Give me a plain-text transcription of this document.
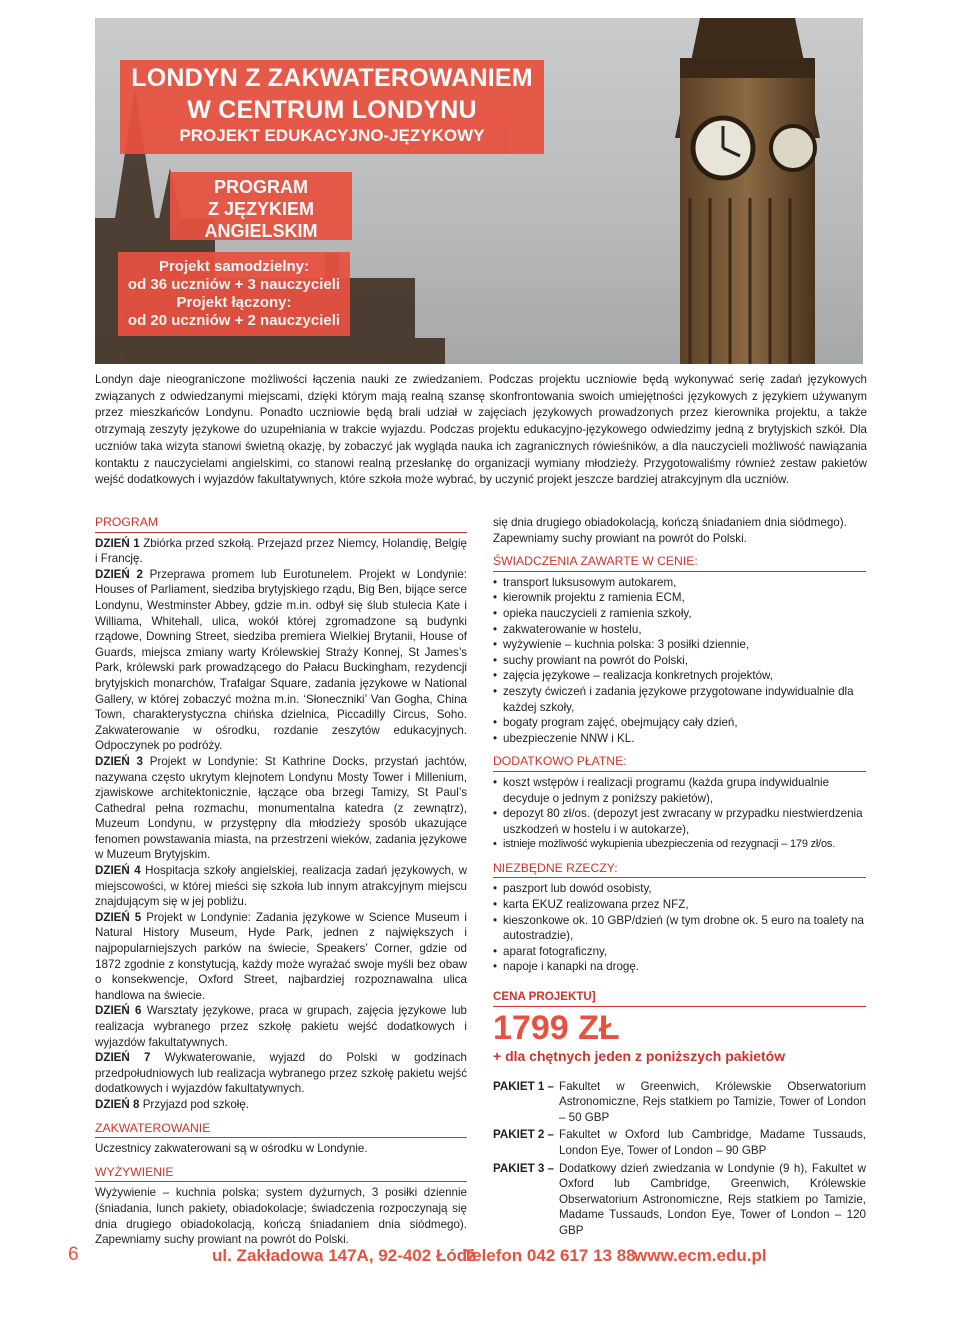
LONDYN Z ZAKWATEROWANIEM
W CENTRUM LONDYNU
PROJEKT EDUKACYJNO-JĘZYKOWY
PROGRAM
Z JĘZYKIEM ANGIELSKIM
Projekt samodzielny:
od 36 uczniów + 3 nauczycieli
Projekt łączony:
od 20 uczniów + 2 nauczycieli
Londyn daje nieograniczone możliwości łączenia nauki ze zwiedzaniem. Podczas projektu uczniowie będą wykonywać serię zadań językowych związanych z odwiedzanymi miejscami, dzięki którym mają realną szansę skonfrontowania swoich umiejętności językowych z językiem używanym przez mieszkańców Londynu. Ponadto uczniowie będą brali udział w zajęciach językowych prowadzonych przez kierownika projektu, a także otrzymają zeszyty językowe do uzupełniania w trakcie wyjazdu. Podczas projektu edukacyjno-językowego odwiedzimy jedną z brytyjskich szkół. Dla uczniów taka wizyta stanowi świetną okazję, by zobaczyć jak wygląda nauka ich zagranicznych rówieśników, a dla nauczycieli możliwość nawiązania kontaktu z nauczycielami angielskimi, co stanowi realną przesłankę do organizacji wymiany młodzieży. Przygotowaliśmy również zestaw pakietów wejść dodatkowych i wyjazdów fakultatywnych, które szkoła może wybrać, by uczynić projekt jeszcze bardziej atrakcyjnym dla uczniów.
PROGRAM

DZIEŃ 1 Zbiórka przed szkołą. Przejazd przez Niemcy, Holandię, Belgię i Francję.

DZIEŃ 2 Przeprawa promem lub Eurotunelem. Projekt w Londynie: Houses of Parliament, siedziba brytyjskiego rządu, Big Ben, bijące serce Londynu, Westminster Abbey, gdzie m.in. odbył się ślub stulecia Kate i Williama, Whitehall, ulica, wokół której zgromadzone są budynki rządowe, Downing Street, siedziba premiera Wielkiej Brytanii, House of Guards, miejsca zmiany warty Królewskiej Straży Konnej, St James’s Park, królewski park prowadzącego do Pałacu Buckingham, rezydencji brytyjskich monarchów, Trafalgar Square, zadania językowe w National Gallery, w której zobaczyć można m.in. ‘Słoneczniki’ Van Gogha, China Town, charakterystyczna chińska dzielnica, Piccadilly Circus, Soho. Zakwaterowanie w ośrodku, rozdanie zeszytów edukacyjnych. Odpoczynek po podróży.

DZIEŃ 3 Projekt w Londynie: St Kathrine Docks, przystań jachtów, nazywana często ukrytym klejnotem Londynu Mosty Tower i Millenium, zjawiskowe architektonicznie, łączące oba brzegi Tamizy, St Paul’s Cathedral pełna rozmachu, monumentalna katedra (z zewnątrz), Muzeum Londynu, w przystępny dla młodzieży sposób ukazujące fenomen powstawania miasta, na przestrzeni wieków, zadania językowe w Muzeum Brytyjskim.

DZIEŃ 4 Hospitacja szkoły angielskiej, realizacja zadań językowych, w miejscowości, w której mieści się szkoła lub innym atrakcyjnym miejscu znajdującym się w jej pobliżu.

DZIEŃ 5 Projekt w Londynie: Zadania językowe w Science Museum i Natural History Museum, Hyde Park, jednen z największych i najpopularniejszych parków na świecie, Speakers’ Corner, gdzie od 1872 zgodnie z konstytucją, każdy może wyrażać swoje myśli bez obaw o konsekwencje, Oxford Street, najbardziej rozpoznawalna ulica handlowa na świecie.

DZIEŃ 6 Warsztaty językowe, praca w grupach, zajęcia językowe lub realizacja wybranego przez szkołę pakietu wejść dodatkowych i wyjazdów fakultatywnych.

DZIEŃ 7 Wykwaterowanie, wyjazd do Polski w godzinach przedpołudniowych lub realizacja wybranego przez szkołę pakietu wejść dodatkowych i wyjazdów fakultatywnych.

DZIEŃ 8 Przyjazd pod szkołę.

ZAKWATEROWANIE

Uczestnicy zakwaterowani są w ośrodku w Londynie.

WYŻYWIENIE

Wyżywienie – kuchnia polska; system dyżurnych, 3 posiłki dziennie (śniadania, lunch pakiety, obiadokolacje; świadczenia rozpoczynają się dnia drugiego obiadokolacją, kończą śniadaniem dnia siódmego). Zapewniamy suchy prowiant na powrót do Polski.

się dnia drugiego obiadokolacją, kończą śniadaniem dnia siódmego). Zapewniamy suchy prowiant na powrót do Polski.

ŚWIADCZENIA ZAWARTE W CENIE:
• transport luksusowym autokarem,
• kierownik projektu z ramienia ECM,
• opieka nauczycieli z ramienia szkoły,
• zakwaterowanie w hostelu,
• wyżywienie – kuchnia polska: 3 posiłki dziennie,
• suchy prowiant na powrót do Polski,
• zajęcia językowe – realizacja konkretnych projektów,
• zeszyty ćwiczeń i zadania językowe przygotowane indywidualnie dla każdej szkoły,
• bogaty program zajęć, obejmujący cały dzień,
• ubezpieczenie NNW i KL.
DODATKOWO PŁATNE:
• koszt wstępów i realizacji programu (każda grupa indywidualnie decyduje o jednym z poniższy pakietów),
• depozyt 80 zł/os. (depozyt jest zwracany w przypadku niestwierdzenia uszkodzeń w hostelu i w autokarze),
• istnieje możliwość wykupienia ubezpieczenia od rezygnacji – 179 zł/os.
NIEZBĘDNE RZECZY:
• paszport lub dowód osobisty,
• karta EKUZ realizowana przez NFZ,
• kieszonkowe ok. 10 GBP/dzień (w tym drobne ok. 5 euro na toalety na autostradzie),
• aparat fotograficzny,
• napoje i kanapki na drogę.
CENA PROJEKTU]
1799 ZŁ
+ dla chętnych jeden z poniższych pakietów
PAKIET 1 – Fakultet w Greenwich, Królewskie Obserwatorium Astronomiczne, Rejs statkiem po Tamizie, Tower of London – 50 GBP
PAKIET 2 – Fakultet w Oxford lub Cambridge, Madame Tussauds, London Eye, Tower of London – 90 GBP
PAKIET 3 – Dodatkowy dzień zwiedzania w Londynie (9 h), Fakultet w Oxford lub Cambridge, Greenwich, Królewskie Obserwatorium Astronomiczne, Rejs statkiem po Tamizie, Madame Tussauds, London Eye, Tower of London – 120 GBP
6	ul. Zakładowa 147A, 92-402 Łódź
Telefon 042 617 13 88
www.ecm.edu.pl
